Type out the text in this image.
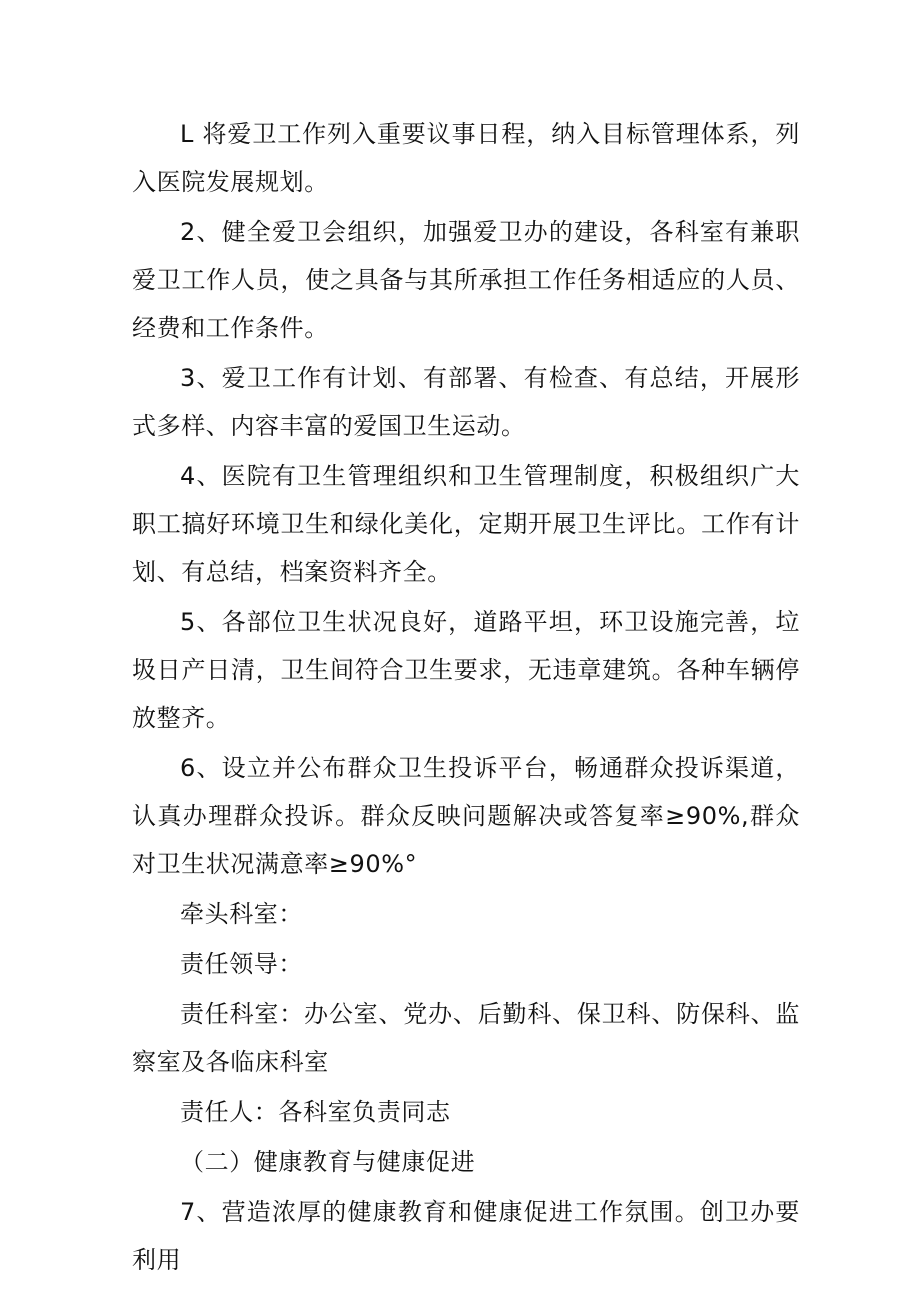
L 将爱卫工作列入重要议事日程，纳入目标管理体系，列入医院发展规划。

2、健全爱卫会组织，加强爱卫办的建设，各科室有兼职爱卫工作人员，使之具备与其所承担工作任务相适应的人员、经费和工作条件。

3、爱卫工作有计划、有部署、有检查、有总结，开展形式多样、内容丰富的爱国卫生运动。

4、医院有卫生管理组织和卫生管理制度，积极组织广大职工搞好环境卫生和绿化美化，定期开展卫生评比。工作有计划、有总结，档案资料齐全。

5、各部位卫生状况良好，道路平坦，环卫设施完善，垃圾日产日清，卫生间符合卫生要求，无违章建筑。各种车辆停放整齐。

6、设立并公布群众卫生投诉平台，畅通群众投诉渠道，认真办理群众投诉。群众反映问题解决或答复率≥90%,群众对卫生状况满意率≥90%°

牵头科室：

责任领导：

责任科室：办公室、党办、后勤科、保卫科、防保科、监察室及各临床科室

责任人：各科室负责同志

（二）健康教育与健康促进

7、营造浓厚的健康教育和健康促进工作氛围。创卫办要利用
